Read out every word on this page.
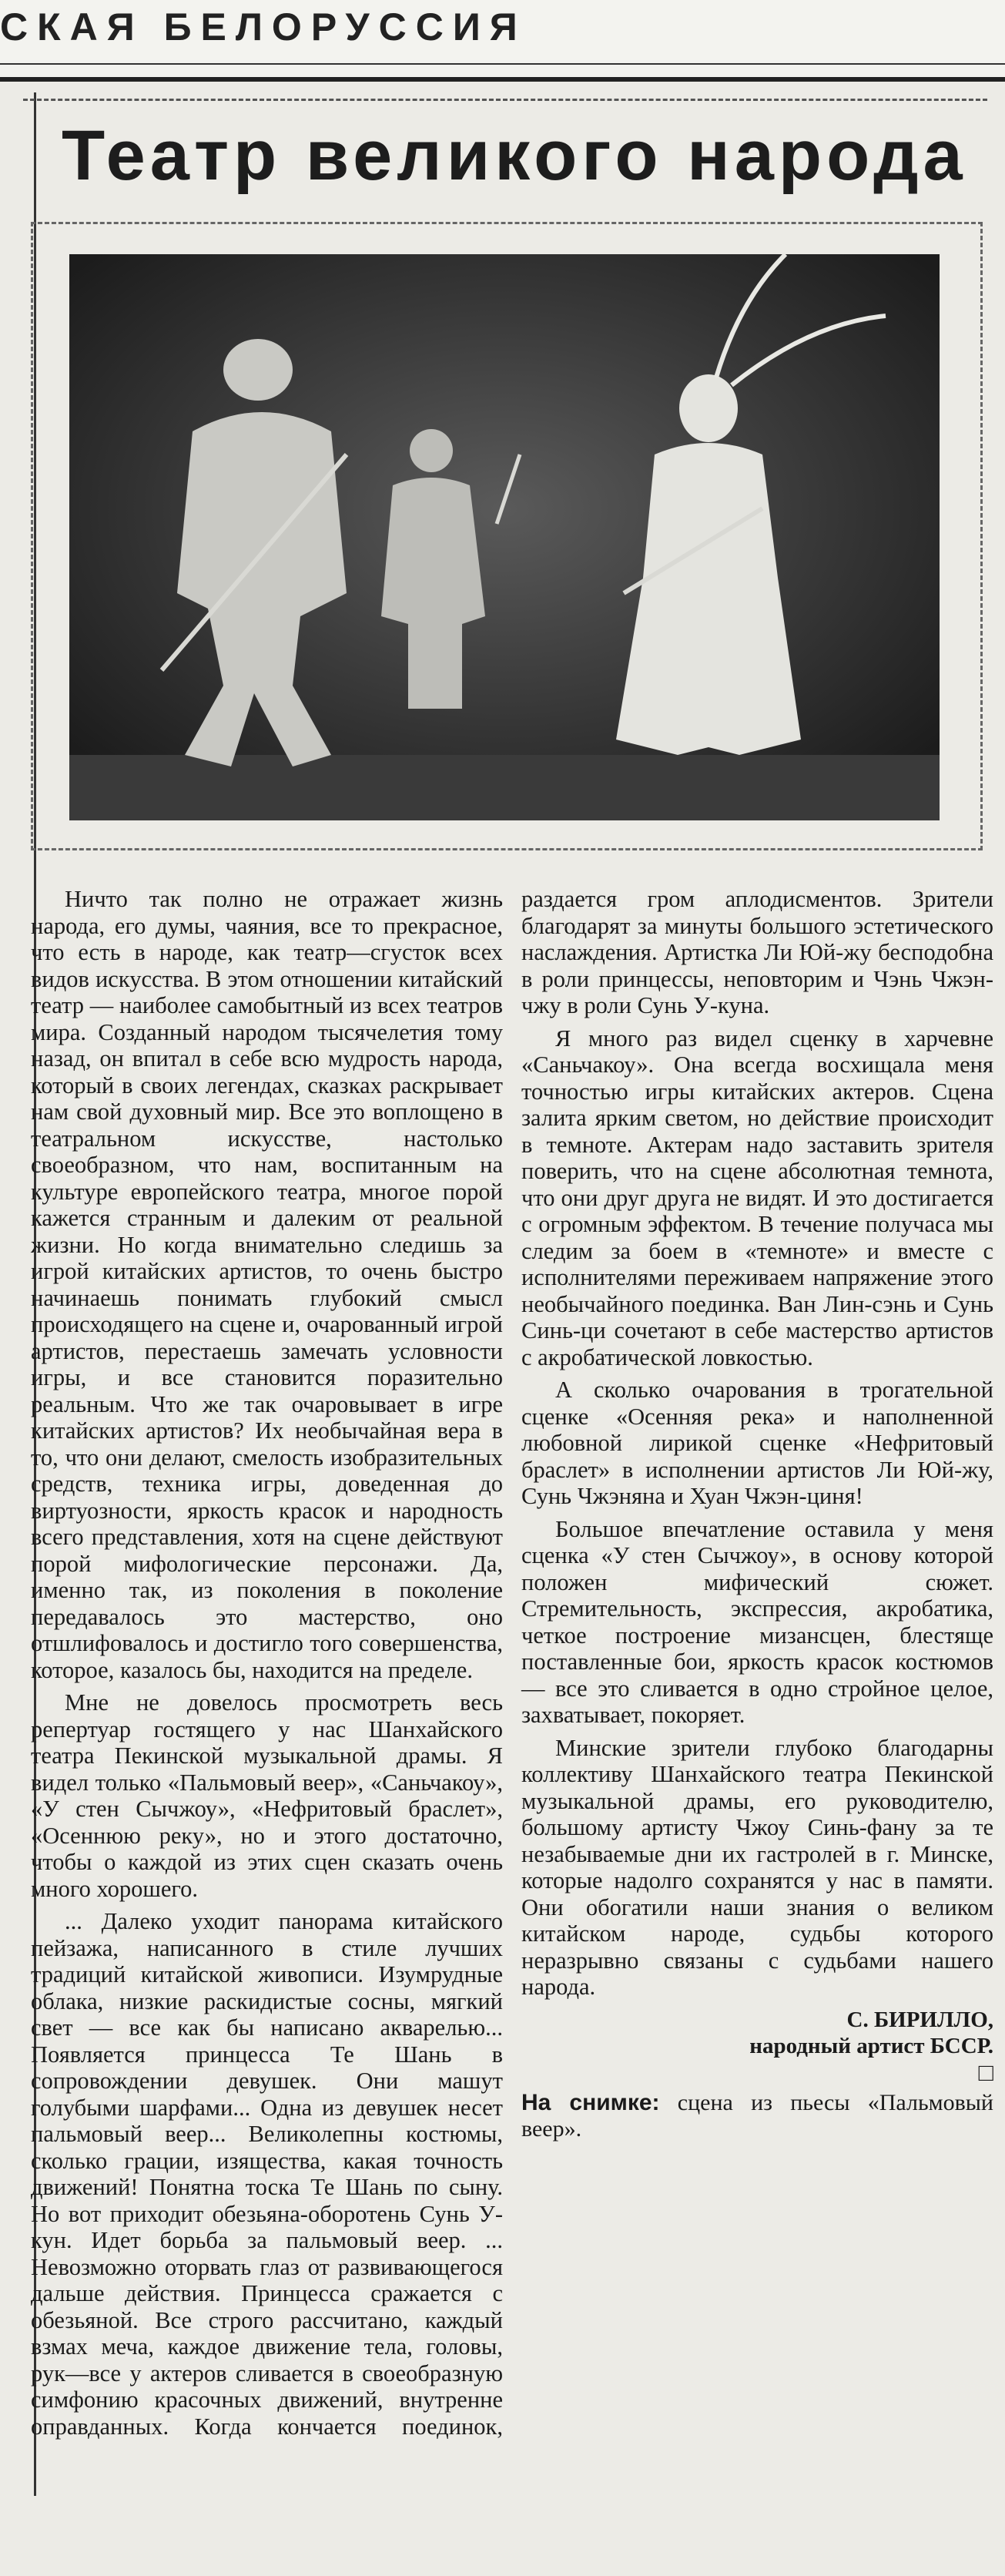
СКАЯ БЕЛОРУССИЯ
Театр великого народа

Ничто так полно не отражает жизнь народа, его думы, чаяния, все то прекрасное, что есть в народе, как театр—сгусток всех видов искусства. В этом отношении китайский театр — наиболее самобытный из всех театров мира. Созданный народом тысячелетия тому назад, он впитал в себе всю мудрость народа, который в своих легендах, сказках раскрывает нам свой духовный мир. Все это воплощено в театральном искусстве, настолько своеобразном, что нам, воспитанным на культуре европейского театра, многое порой кажется странным и далеким от реальной жизни. Но когда внимательно следишь за игрой китайских артистов, то очень быстро начинаешь понимать глубокий смысл происходящего на сцене и, очарованный игрой артистов, перестаешь замечать условности игры, и все становится поразительно реальным. Что же так очаровывает в игре китайских артистов? Их необычайная вера в то, что они делают, смелость изобразительных средств, техника игры, доведенная до виртуозности, яркость красок и народность всего представления, хотя на сцене действуют порой мифологические персонажи. Да, именно так, из поколения в поколение передавалось это мастерство, оно отшлифовалось и достигло того совершенства, которое, казалось бы, находится на пределе.

Мне не довелось просмотреть весь репертуар гостящего у нас Шанхайского театра Пекинской музыкальной драмы. Я видел только «Пальмовый веер», «Саньчакоу», «У стен Сычжоу», «Нефритовый браслет», «Осеннюю реку», но и этого достаточно, чтобы о каждой из этих сцен сказать очень много хорошего.

... Далеко уходит панорама китайского пейзажа, написанного в стиле лучших традиций китайской живописи. Изумрудные облака, низкие раскидистые сосны, мягкий свет — все как бы написано акварелью... Появляется принцесса Те Шань в сопровождении девушек. Они машут голубыми шарфами... Одна из девушек несет пальмовый веер... Великолепны костюмы, сколько грации, изящества, какая точность движений! Понятна тоска Те Шань по сыну. Но вот приходит обезьяна-оборотень Сунь У-кун. Идет борьба за пальмовый веер. ... Невозможно оторвать глаз от развивающегося дальше действия. Принцесса сражается с обезьяной. Все строго рассчитано, каждый взмах меча, каждое движение тела, головы, рук—все у актеров сливается в своеобразную симфонию красочных движений, внутренне оправданных. Когда кончается поединок, раздается гром аплодисментов. Зрители благодарят за минуты большого эстетического наслаждения. Артистка Ли Юй-жу бесподобна в роли принцессы, неповторим и Чэнь Чжэн-чжу в роли Сунь У-куна.

Я много раз видел сценку в харчевне «Саньчакоу». Она всегда восхищала меня точностью игры китайских актеров. Сцена залита ярким светом, но действие происходит в темноте. Актерам надо заставить зрителя поверить, что на сцене абсолютная темнота, что они друг друга не видят. И это достигается с огромным эффектом. В течение получаса мы следим за боем в «темноте» и вместе с исполнителями переживаем напряжение этого необычайного поединка. Ван Лин-сэнь и Сунь Синь-ци сочетают в себе мастерство артистов с акробатической ловкостью.

А сколько очарования в трогательной сценке «Осенняя река» и наполненной любовной лирикой сценке «Нефритовый браслет» в исполнении артистов Ли Юй-жу, Сунь Чжэняна и Хуан Чжэн-циня!

Большое впечатление оставила у меня сценка «У стен Сычжоу», в основу которой положен мифический сюжет. Стремительность, экспрессия, акробатика, четкое построение мизансцен, блестяще поставленные бои, яркость красок костюмов — все это сливается в одно стройное целое, захватывает, покоряет.

Минские зрители глубоко благодарны коллективу Шанхайского театра Пекинской музыкальной драмы, его руководителю, большому артисту Чжоу Синь-фану за те незабываемые дни их гастролей в г. Минске, которые надолго сохранятся у нас в памяти. Они обогатили наши знания о великом китайском народе, судьбы которого неразрывно связаны с судьбами нашего народа.

С. БИРИЛЛО,
народный артист БССР.
□
На снимке: сцена из пьесы «Пальмовый веер».
